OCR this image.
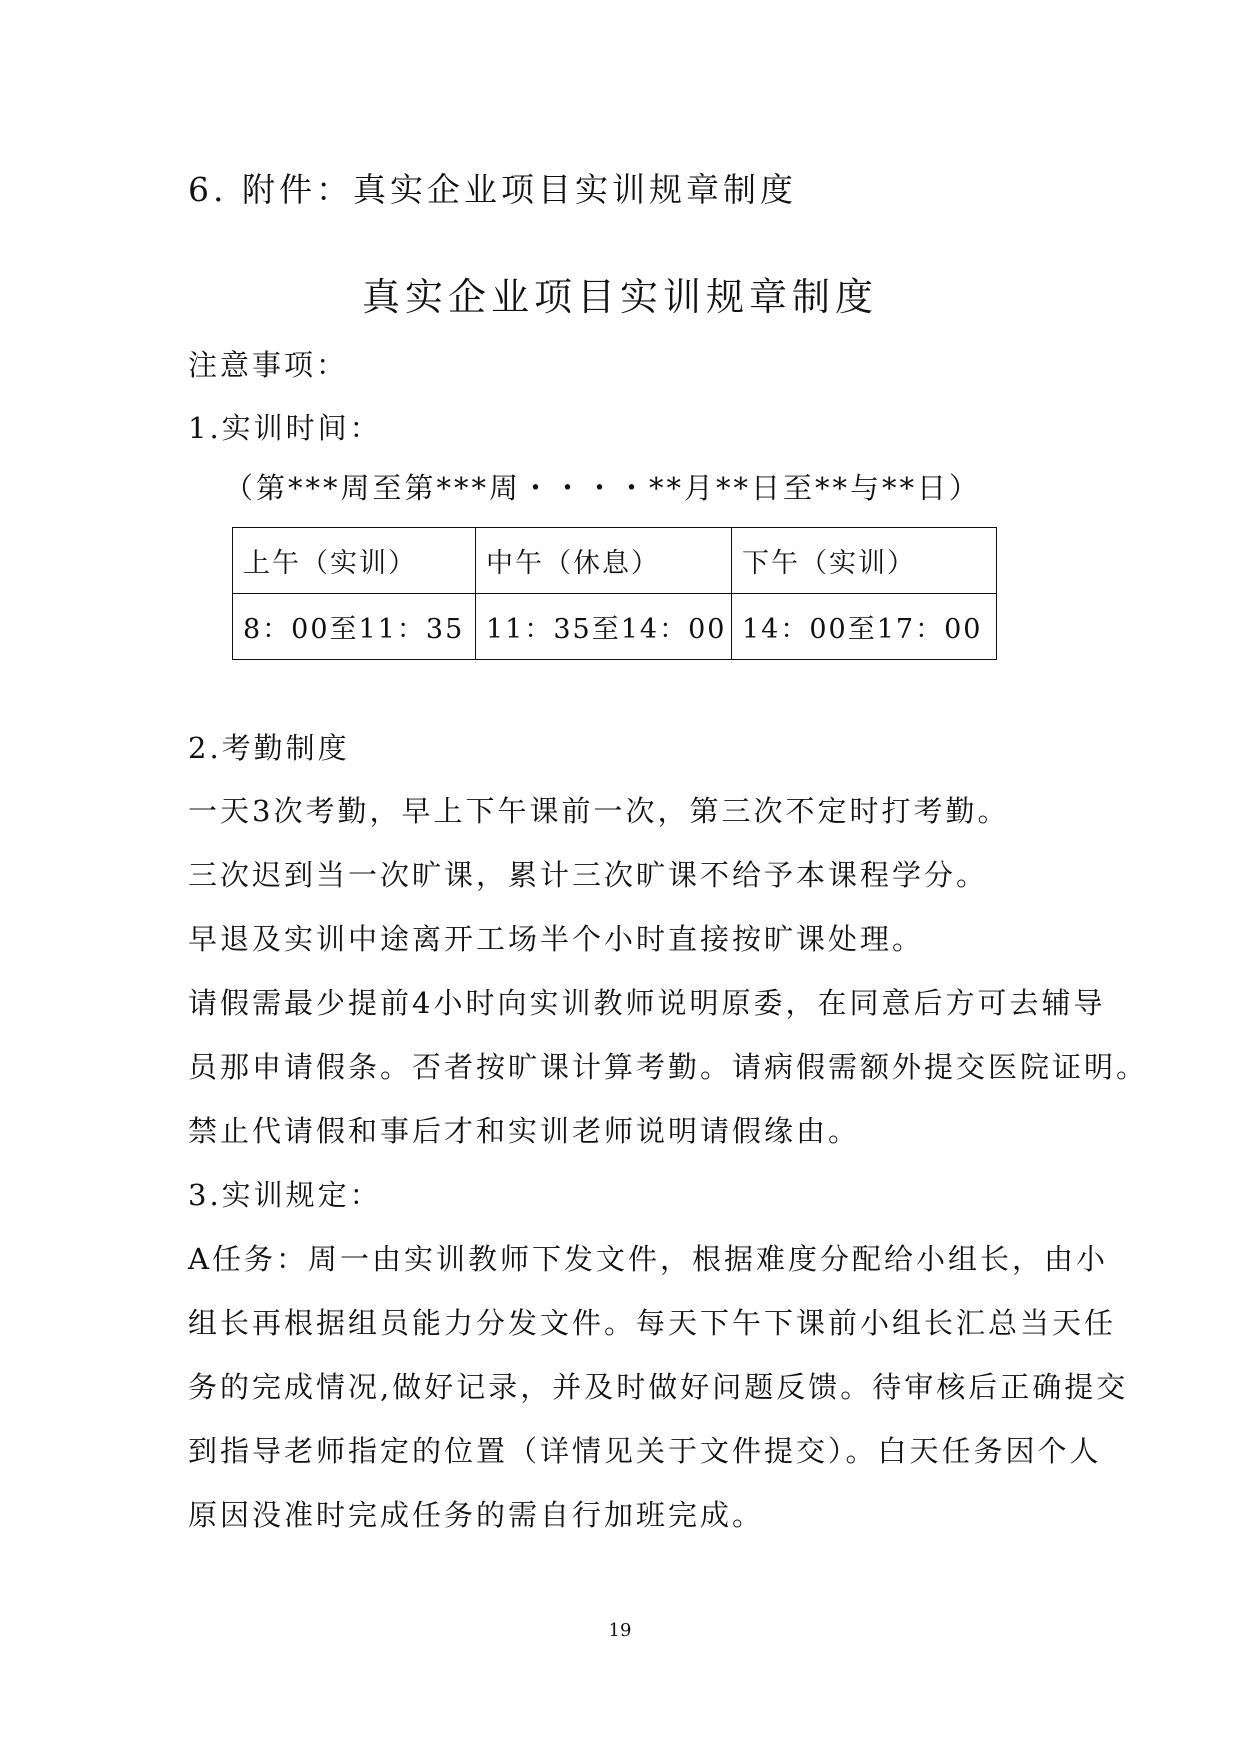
6. 附件：真实企业项目实训规章制度
真实企业项目实训规章制度
注意事项：
1.实训时间：
（第***周至第***周・・・・**月**日至**与**日）
上午（实训）	中午（休息）	下午（实训）
8：00至11：35	11：35至14：00	14：00至17：00
2.考勤制度
一天3次考勤，早上下午课前一次，第三次不定时打考勤。
三次迟到当一次旷课，累计三次旷课不给予本课程学分。
早退及实训中途离开工场半个小时直接按旷课处理。
请假需最少提前4小时向实训教师说明原委，在同意后方可去辅导
员那申请假条。否者按旷课计算考勤。请病假需额外提交医院证明。
禁止代请假和事后才和实训老师说明请假缘由。
3.实训规定：
A任务：周一由实训教师下发文件，根据难度分配给小组长，由小
组长再根据组员能力分发文件。每天下午下课前小组长汇总当天任
务的完成情况,做好记录，并及时做好问题反馈。待审核后正确提交
到指导老师指定的位置（详情见关于文件提交）。白天任务因个人
原因没准时完成任务的需自行加班完成。
19
